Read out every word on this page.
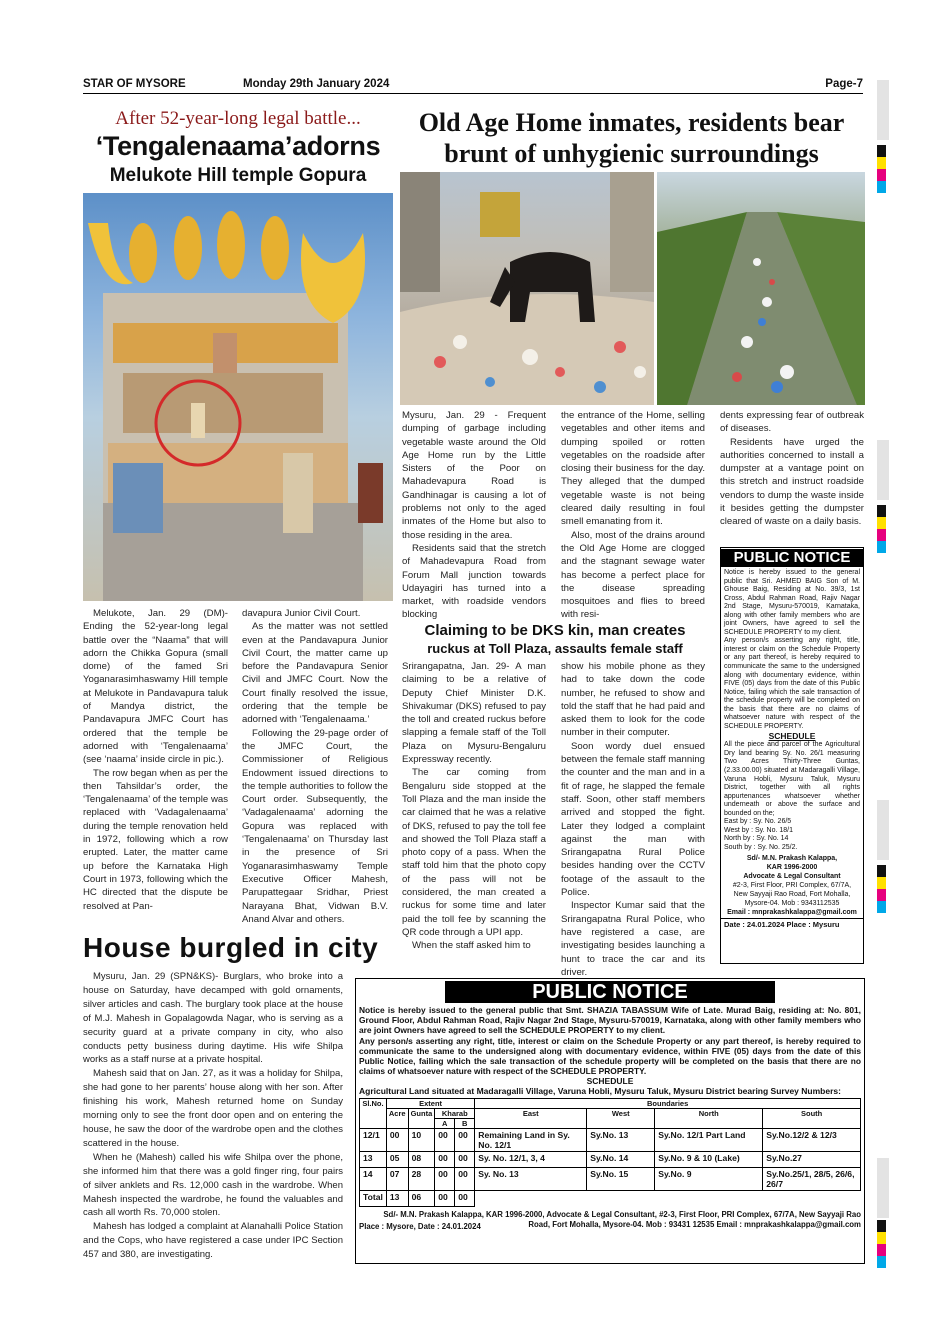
STAR OF MYSORE	Monday 29th January 2024	Page-7
After 52-year-long legal battle...
‘Tengalenaama’adorns
Melukote Hill temple Gopura

Melukote, Jan. 29 (DM)- Ending the 52-year-long legal battle over the “Naama” that will adorn the Chikka Gopura (small dome) of the famed Sri Yoganarasimhaswamy Hill temple at Melukote in Pandavapura taluk of Mandya district, the Pandavapura JMFC Court has ordered that the temple be adorned with ‘Tengalenaama’ (see ‘naama’ inside circle in pic.).

The row began when as per the then Tahsildar’s order, the ‘Tengalenaama’ of the temple was replaced with ‘Vadagalenaama’ during the temple renovation held in 1972, following which a row erupted. Later, the matter came up before the Karnataka High Court in 1973, following which the HC directed that the dispute be resolved at Pan-

davapura Junior Civil Court.

As the matter was not settled even at the Pandavapura Junior Civil Court, the matter came up before the Pandavapura Senior Civil and JMFC Court. Now the Court finally resolved the issue, ordering that the temple be adorned with ‘Tengalenaama.’

Following the 29-page order of the JMFC Court, the Commissioner of Religious Endowment issued directions to the temple authorities to follow the Court order. Subsequently, the ‘Vadagalenaama’ adorning the Gopura was replaced with ‘Tengalenaama’ on Thursday last in the presence of Sri Yoganarasimhaswamy Temple Executive Officer Mahesh, Parupattegaar Sridhar, Priest Narayana Bhat, Vidwan B.V. Anand Alvar and others.

Old Age Home inmates, residents bear
brunt of unhygienic surroundings

Mysuru, Jan. 29 - Frequent dumping of garbage including vegetable waste around the Old Age Home run by the Little Sisters of the Poor on Mahadevapura Road is Gandhinagar is causing a lot of problems not only to the aged inmates of the Home but also to those residing in the area.

Residents said that the stretch of Mahadevapura Road from Forum Mall junction towards Udayagiri has turned into a market, with roadside vendors blocking

the entrance of the Home, selling vegetables and other items and dumping spoiled or rotten vegetables on the roadside after closing their business for the day. They alleged that the dumped vegetable waste is not being cleared daily resulting in foul smell emanating from it.

Also, most of the drains around the Old Age Home are clogged and the stagnant sewage water has become a perfect place for the disease spreading mosquitoes and flies to breed with resi-

dents expressing fear of outbreak of diseases.

Residents have urged the authorities concerned to install a dumpster at a vantage point on this stretch and instruct roadside vendors to dump the waste inside it besides getting the dumpster cleared of waste on a daily basis.

Claiming to be DKS kin, man creates
ruckus at Toll Plaza, assaults female staff

Srirangapatna, Jan. 29- A man claiming to be a relative of Deputy Chief Minister D.K. Shivakumar (DKS) refused to pay the toll and created ruckus before slapping a female staff of the Toll Plaza on Mysuru-Bengaluru Expressway recently.

The car coming from Bengaluru side stopped at the Toll Plaza and the man inside the car claimed that he was a relative of DKS, refused to pay the toll fee and showed the Toll Plaza staff a photo copy of a pass. When the staff told him that the photo copy of the pass will not be considered, the man created a ruckus for some time and later paid the toll fee by scanning the QR code through a UPI app.

When the staff asked him to

show his mobile phone as they had to take down the code number, he refused to show and told the staff that he had paid and asked them to look for the code number in their computer.

Soon wordy duel ensued between the female staff manning the counter and the man and in a fit of rage, he slapped the female staff. Soon, other staff members arrived and stopped the fight. Later they lodged a complaint against the man with Srirangapatna Rural Police besides handing over the CCTV footage of the assault to the Police.

Inspector Kumar said that the Srirangapatna Rural Police, who have registered a case, are investigating besides launching a hunt to trace the car and its driver.

PUBLIC NOTICE
Notice is hereby issued to the general public that Sri. AHMED BAIG Son of M. Ghouse Baig, Residing at No. 39/3, 1st Cross, Abdul Rahman Road, Rajiv Nagar 2nd Stage, Mysuru-570019, Karnataka, along with other family members who are joint Owners, have agreed to sell the SCHEDULE PROPERTY to my client.
Any person/s asserting any right, title, interest or claim on the Schedule Property or any part thereof, is hereby required to communicate the same to the undersigned along with documentary evidence, within FIVE (05) days from the date of this Public Notice, failing which the sale transaction of the schedule property will be completed on the basis that there are no claims of whatsoever nature with respect of the SCHEDULE PROPERTY.
SCHEDULE
All the piece and parcel of the Agricultural Dry land bearing Sy. No. 26/1 measuring Two Acres Thirty-Three Guntas, (2.33.00.00) situated at Madaragalli Village, Varuna Hobli, Mysuru Taluk, Mysuru District, together with all rights appurtenances whatsoever whether underneath or above the surface and bounded on the;
East by : Sy. No. 26/5
West by : Sy. No. 18/1
North by : Sy. No. 14
South by : Sy. No. 25/2.
Sd/- M.N. Prakash Kalappa,
KAR 1996-2000
Advocate & Legal Consultant
#2-3, First Floor, PRI Complex, 67/7A,
New Sayyaji Rao Road, Fort Mohalla,
Mysore-04. Mob : 9343112535
Email : mnprakashkalappa@gmail.com
Date : 24.01.2024 Place : Mysuru
House burgled in city

Mysuru, Jan. 29 (SPN&KS)- Burglars, who broke into a house on Saturday, have decamped with gold ornaments, silver articles and cash. The burglary took place at the house of M.J. Mahesh in Gopalagowda Nagar, who is serving as a security guard at a private company in city, who also conducts petty business during daytime. His wife Shilpa works as a staff nurse at a private hospital.

Mahesh said that on Jan. 27, as it was a holiday for Shilpa, she had gone to her parents’ house along with her son. After finishing his work, Mahesh returned home on Sunday morning only to see the front door open and on entering the house, he saw the door of the wardrobe open and the clothes scattered in the house.

When he (Mahesh) called his wife Shilpa over the phone, she informed him that there was a gold finger ring, four pairs of silver anklets and Rs. 12,000 cash in the wardrobe. When Mahesh inspected the wardrobe, he found the valuables and cash all worth Rs. 70,000 stolen.

Mahesh has lodged a complaint at Alanahalli Police Station and the Cops, who have registered a case under IPC Section 457 and 380, are investigating.

PUBLIC NOTICE
Notice is hereby issued to the general public that Smt. SHAZIA TABASSUM Wife of Late. Murad Baig, residing at: No. 801, Ground Floor, Abdul Rahman Road, Rajiv Nagar 2nd Stage, Mysuru-570019, Karnataka, along with other family members who are joint Owners have agreed to sell the SCHEDULE PROPERTY to my client.
Any person/s asserting any right, title, interest or claim on the Schedule Property or any part thereof, is hereby required to communicate the same to the undersigned along with documentary evidence, within FIVE (05) days from the date of this Public Notice, failing which the sale transaction of the schedule property will be completed on the basis that there are no claims of whatsoever nature with respect of the SCHEDULE PROPERTY.
SCHEDULE
Agricultural Land situated at Madaragalli Village, Varuna Hobli, Mysuru Taluk, Mysuru District bearing Survey Numbers:
Sl.No.	Extent				Boundaries			
	Acre	Gunta	Kharab		East	West	North	South
			A	B				
12/1	00	10	00	00	Remaining Land in Sy. No. 12/1	Sy.No. 13	Sy.No. 12/1 Part Land	Sy.No.12/2 & 12/3
13	05	08	00	00	Sy. No. 12/1, 3, 4	Sy.No. 14	Sy.No. 9 & 10 (Lake)	Sy.No.27
14	07	28	00	00	Sy. No. 13	Sy.No. 15	Sy.No. 9	Sy.No.25/1, 28/5, 26/6, 26/7
Total	13	06	00	00				
Sd/- M.N. Prakash Kalappa, KAR 1996-2000, Advocate & Legal Consultant, #2-3, First Floor, PRI Complex, 67/7A, New Sayyaji Rao
Place : Mysore, Date : 24.01.2024	Road, Fort Mohalla, Mysore-04. Mob : 93431 12535 Email : mnprakashkalappa@gmail.com
